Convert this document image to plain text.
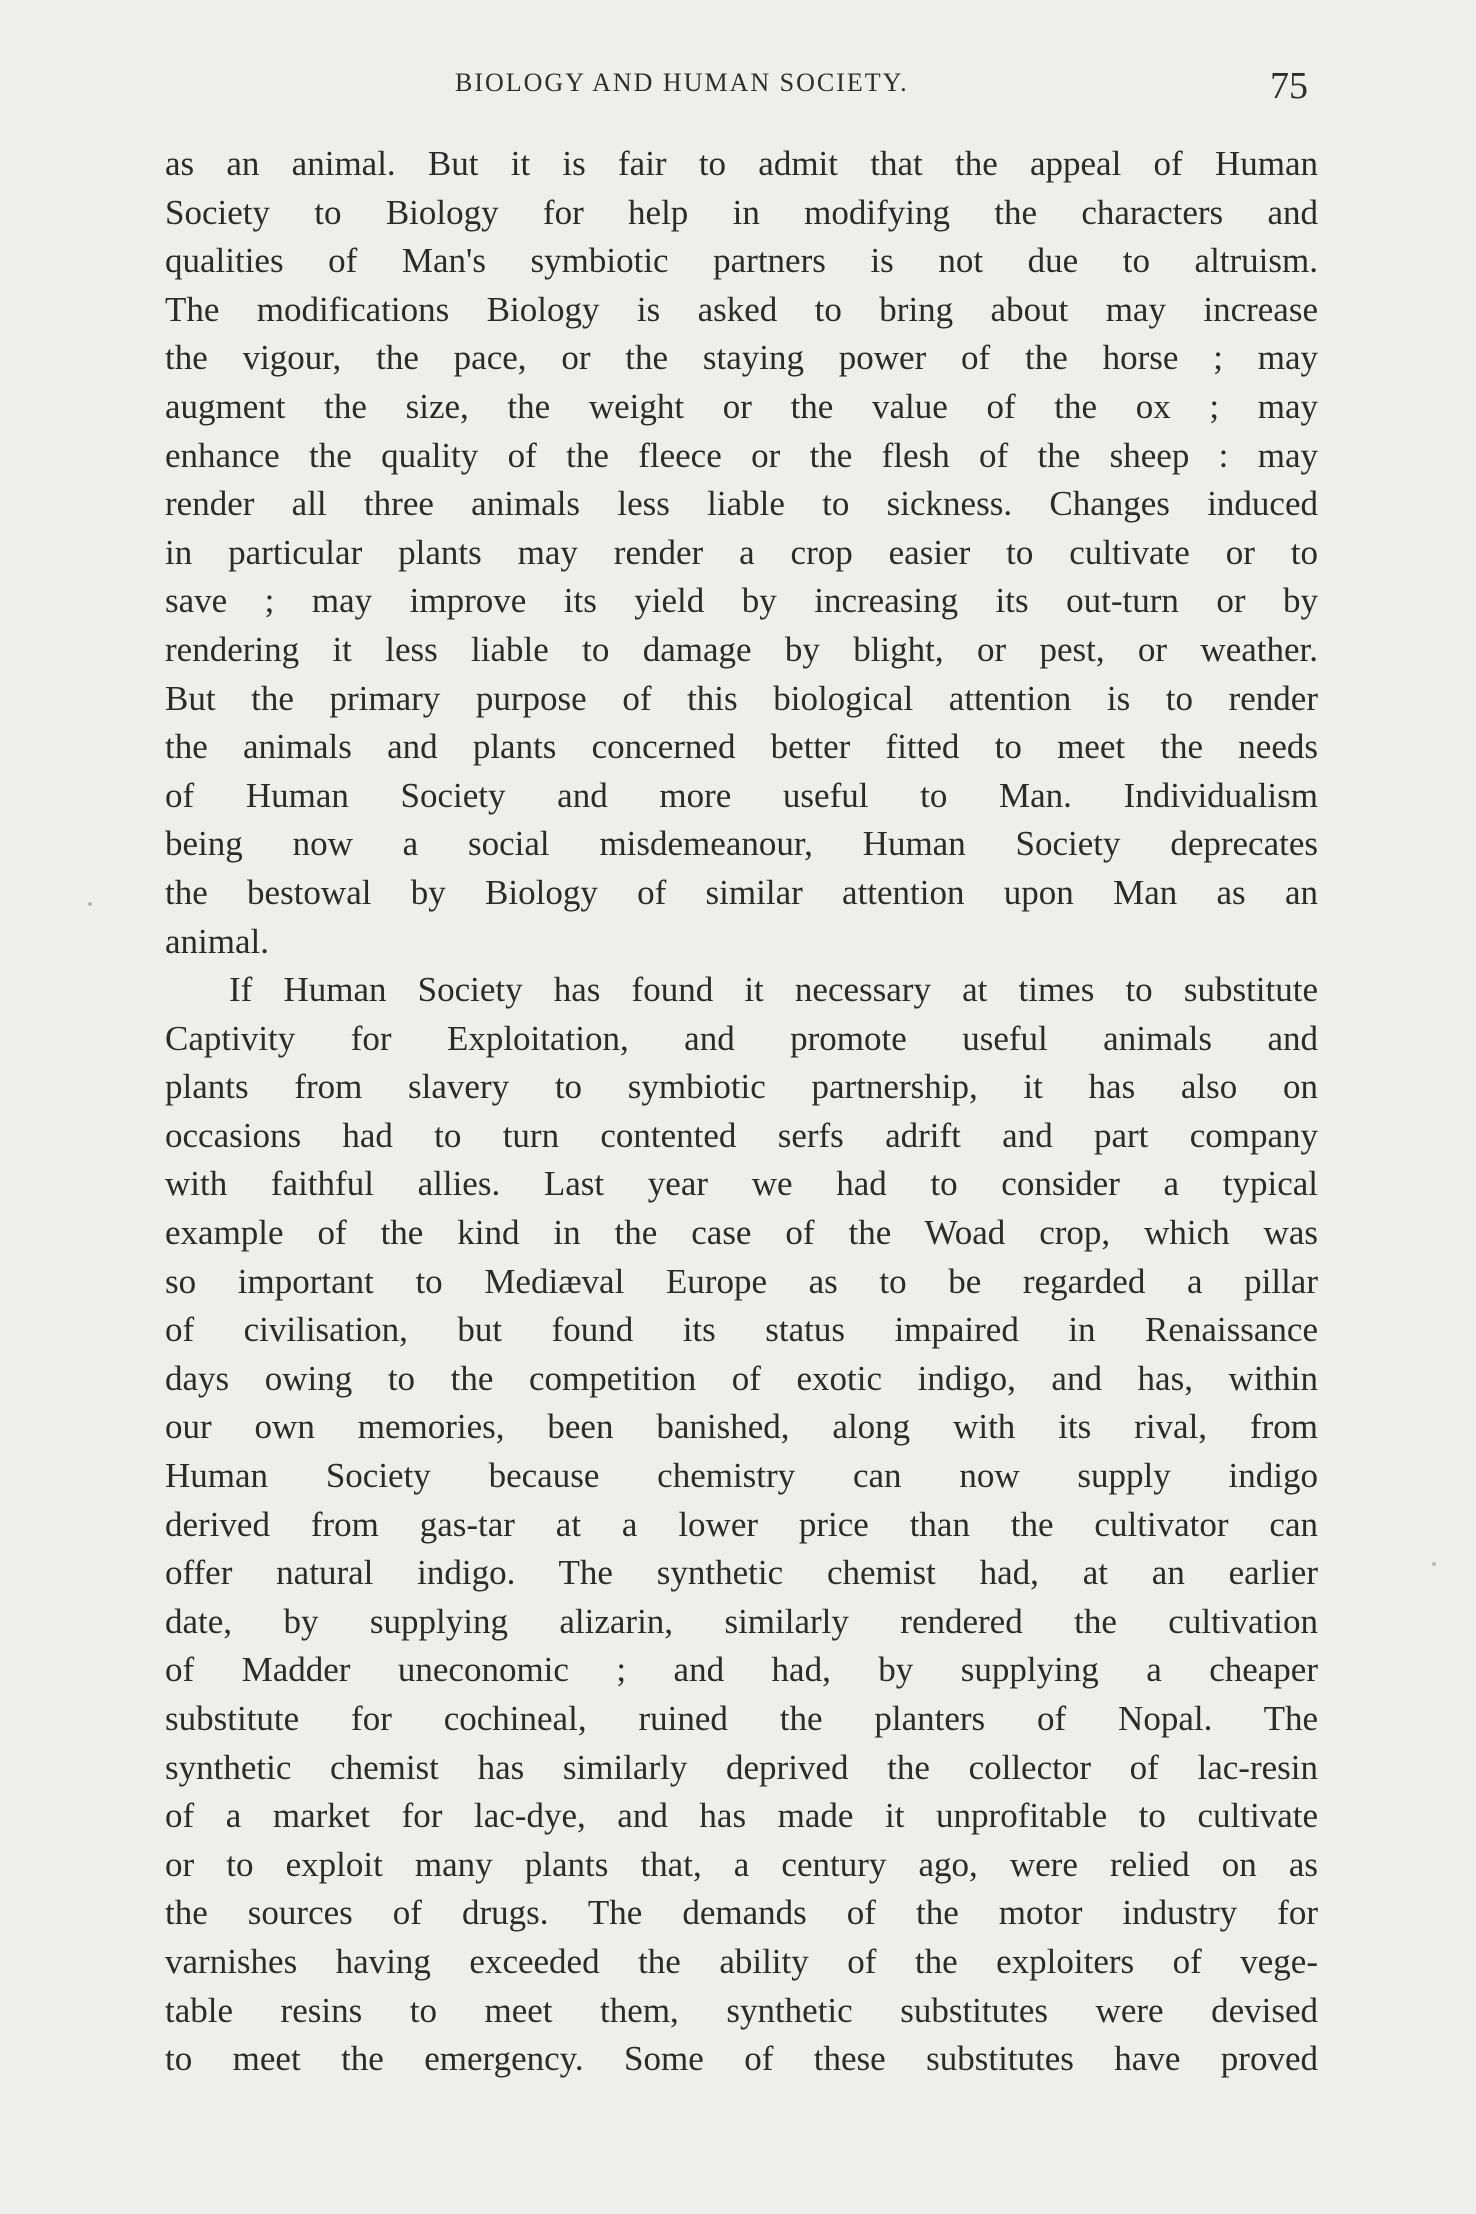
BIOLOGY AND HUMAN SOCIETY.	75
as an animal. But it is fair to admit that the appeal of Human
Society to Biology for help in modifying the characters and
qualities of Man's symbiotic partners is not due to altruism.
The modifications Biology is asked to bring about may increase
the vigour, the pace, or the staying power of the horse ; may
augment the size, the weight or the value of the ox ; may
enhance the quality of the fleece or the flesh of the sheep : may
render all three animals less liable to sickness. Changes induced
in particular plants may render a crop easier to cultivate or to
save ; may improve its yield by increasing its out-turn or by
rendering it less liable to damage by blight, or pest, or weather.
But the primary purpose of this biological attention is to render
the animals and plants concerned better fitted to meet the needs
of Human Society and more useful to Man. Individualism
being now a social misdemeanour, Human Society deprecates
the bestowal by Biology of similar attention upon Man as an
animal.
If Human Society has found it necessary at times to substitute
Captivity for Exploitation, and promote useful animals and
plants from slavery to symbiotic partnership, it has also on
occasions had to turn contented serfs adrift and part company
with faithful allies. Last year we had to consider a typical
example of the kind in the case of the Woad crop, which was
so important to Mediæval Europe as to be regarded a pillar
of civilisation, but found its status impaired in Renaissance
days owing to the competition of exotic indigo, and has, within
our own memories, been banished, along with its rival, from
Human Society because chemistry can now supply indigo
derived from gas-tar at a lower price than the cultivator can
offer natural indigo. The synthetic chemist had, at an earlier
date, by supplying alizarin, similarly rendered the cultivation
of Madder uneconomic ; and had, by supplying a cheaper
substitute for cochineal, ruined the planters of Nopal. The
synthetic chemist has similarly deprived the collector of lac-resin
of a market for lac-dye, and has made it unprofitable to cultivate
or to exploit many plants that, a century ago, were relied on as
the sources of drugs. The demands of the motor industry for
varnishes having exceeded the ability of the exploiters of vege-
table resins to meet them, synthetic substitutes were devised
to meet the emergency. Some of these substitutes have proved
